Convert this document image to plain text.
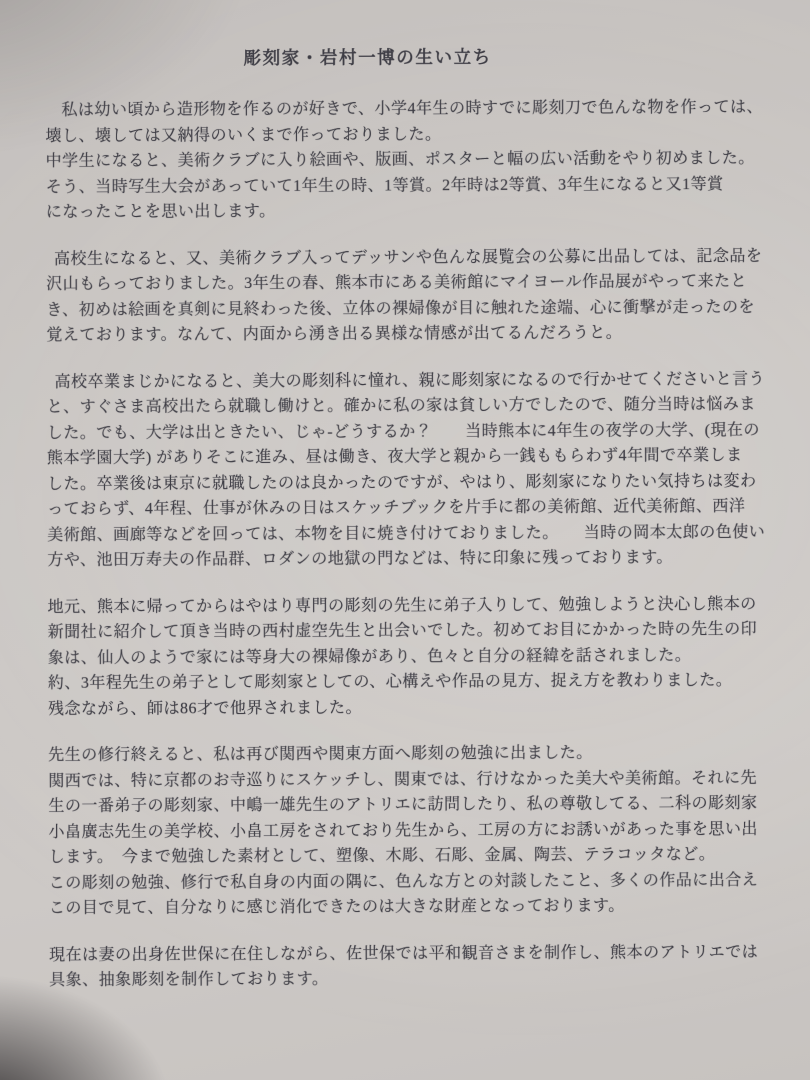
彫刻家・岩村一博の生い立ち

私は幼い頃から造形物を作るのが好きで、小学4年生の時すでに彫刻刀で色んな物を作っては、
壊し、壊しては又納得のいくまで作っておりました。
中学生になると、美術クラブに入り絵画や、版画、ポスターと幅の広い活動をやり初めました。
そう、当時写生大会があっていて1年生の時、1等賞。2年時は2等賞、3年生になると又1等賞
になったことを思い出します。

高校生になると、又、美術クラブ入ってデッサンや色んな展覧会の公募に出品しては、記念品を
沢山もらっておりました。3年生の春、熊本市にある美術館にマイヨール作品展がやって来たと
き、初めは絵画を真剣に見終わった後、立体の裸婦像が目に触れた途端、心に衝撃が走ったのを
覚えております。なんて、内面から湧き出る異様な情感が出てるんだろうと。

高校卒業まじかになると、美大の彫刻科に憧れ、親に彫刻家になるので行かせてくださいと言う
と、すぐさま高校出たら就職し働けと。確かに私の家は貧しい方でしたので、随分当時は悩みま
した。でも、大学は出ときたい、じゃ-どうするか？　　当時熊本に4年生の夜学の大学、(現在の
熊本学園大学) がありそこに進み、昼は働き、夜大学と親から一銭ももらわず4年間で卒業しま
した。卒業後は東京に就職したのは良かったのですが、やはり、彫刻家になりたい気持ちは変わ
っておらず、4年程、仕事が休みの日はスケッチブックを片手に都の美術館、近代美術館、西洋
美術館、画廊等などを回っては、本物を目に焼き付けておりました。　　当時の岡本太郎の色使い
方や、池田万寿夫の作品群、ロダンの地獄の門などは、特に印象に残っております。

地元、熊本に帰ってからはやはり専門の彫刻の先生に弟子入りして、勉強しようと決心し熊本の
新聞社に紹介して頂き当時の西村虚空先生と出会いでした。初めてお目にかかった時の先生の印
象は、仙人のようで家には等身大の裸婦像があり、色々と自分の経緯を話されました。
約、3年程先生の弟子として彫刻家としての、心構えや作品の見方、捉え方を教わりました。
残念ながら、師は86才で他界されました。

先生の修行終えると、私は再び関西や関東方面へ彫刻の勉強に出ました。
関西では、特に京都のお寺巡りにスケッチし、関東では、行けなかった美大や美術館。それに先
生の一番弟子の彫刻家、中嶋一雄先生のアトリエに訪問したり、私の尊敬してる、二科の彫刻家
小畠廣志先生の美学校、小畠工房をされており先生から、工房の方にお誘いがあった事を思い出
します。　今まで勉強した素材として、塑像、木彫、石彫、金属、陶芸、テラコッタなど。
この彫刻の勉強、修行で私自身の内面の隅に、色んな方との対談したこと、多くの作品に出合え
この目で見て、自分なりに感じ消化できたのは大きな財産となっております。

現在は妻の出身佐世保に在住しながら、佐世保では平和観音さまを制作し、熊本のアトリエでは
具象、抽象彫刻を制作しております。
